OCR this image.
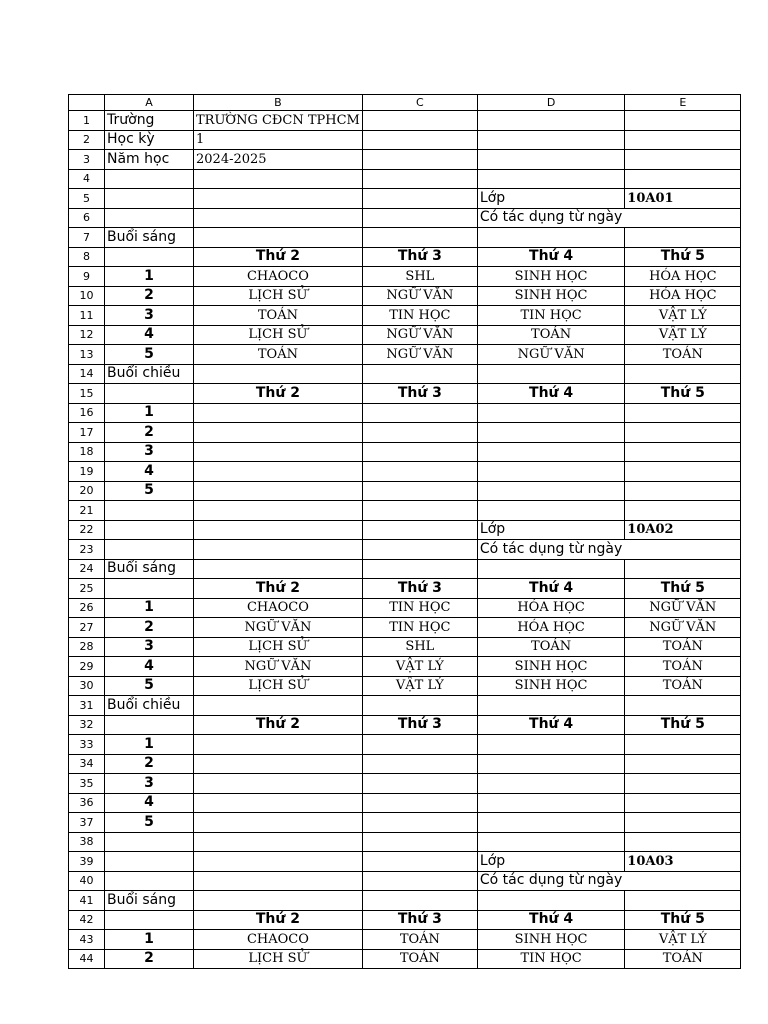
	A	B	C	D	E
1	Trường	TRƯỜNG CĐCN TPHCM			
2	Học kỳ	1			
3	Năm học	2024-2025			
4					
5				Lớp	10A01
6				Có tác dụng từ ngày	
7	Buổi sáng				
8		Thứ 2	Thứ 3	Thứ 4	Thứ 5
9	1	CHAOCO	SHL	SINH HỌC	HÓA HỌC
10	2	LỊCH SỬ	NGỮ VĂN	SINH HỌC	HÓA HỌC
11	3	TOÁN	TIN HỌC	TIN HỌC	VẬT LÝ
12	4	LỊCH SỬ	NGỮ VĂN	TOÁN	VẬT LÝ
13	5	TOÁN	NGỮ VĂN	NGỮ VĂN	TOÁN
14	Buổi chiều				
15		Thứ 2	Thứ 3	Thứ 4	Thứ 5
16	1				
17	2				
18	3				
19	4				
20	5				
21					
22				Lớp	10A02
23				Có tác dụng từ ngày	
24	Buổi sáng				
25		Thứ 2	Thứ 3	Thứ 4	Thứ 5
26	1	CHAOCO	TIN HỌC	HÓA HỌC	NGỮ VĂN
27	2	NGỮ VĂN	TIN HỌC	HÓA HỌC	NGỮ VĂN
28	3	LỊCH SỬ	SHL	TOÁN	TOÁN
29	4	NGỮ VĂN	VẬT LÝ	SINH HỌC	TOÁN
30	5	LỊCH SỬ	VẬT LÝ	SINH HỌC	TOÁN
31	Buổi chiều				
32		Thứ 2	Thứ 3	Thứ 4	Thứ 5
33	1				
34	2				
35	3				
36	4				
37	5				
38					
39				Lớp	10A03
40				Có tác dụng từ ngày	
41	Buổi sáng				
42		Thứ 2	Thứ 3	Thứ 4	Thứ 5
43	1	CHAOCO	TOÁN	SINH HỌC	VẬT LÝ
44	2	LỊCH SỬ	TOÁN	TIN HỌC	TOÁN
